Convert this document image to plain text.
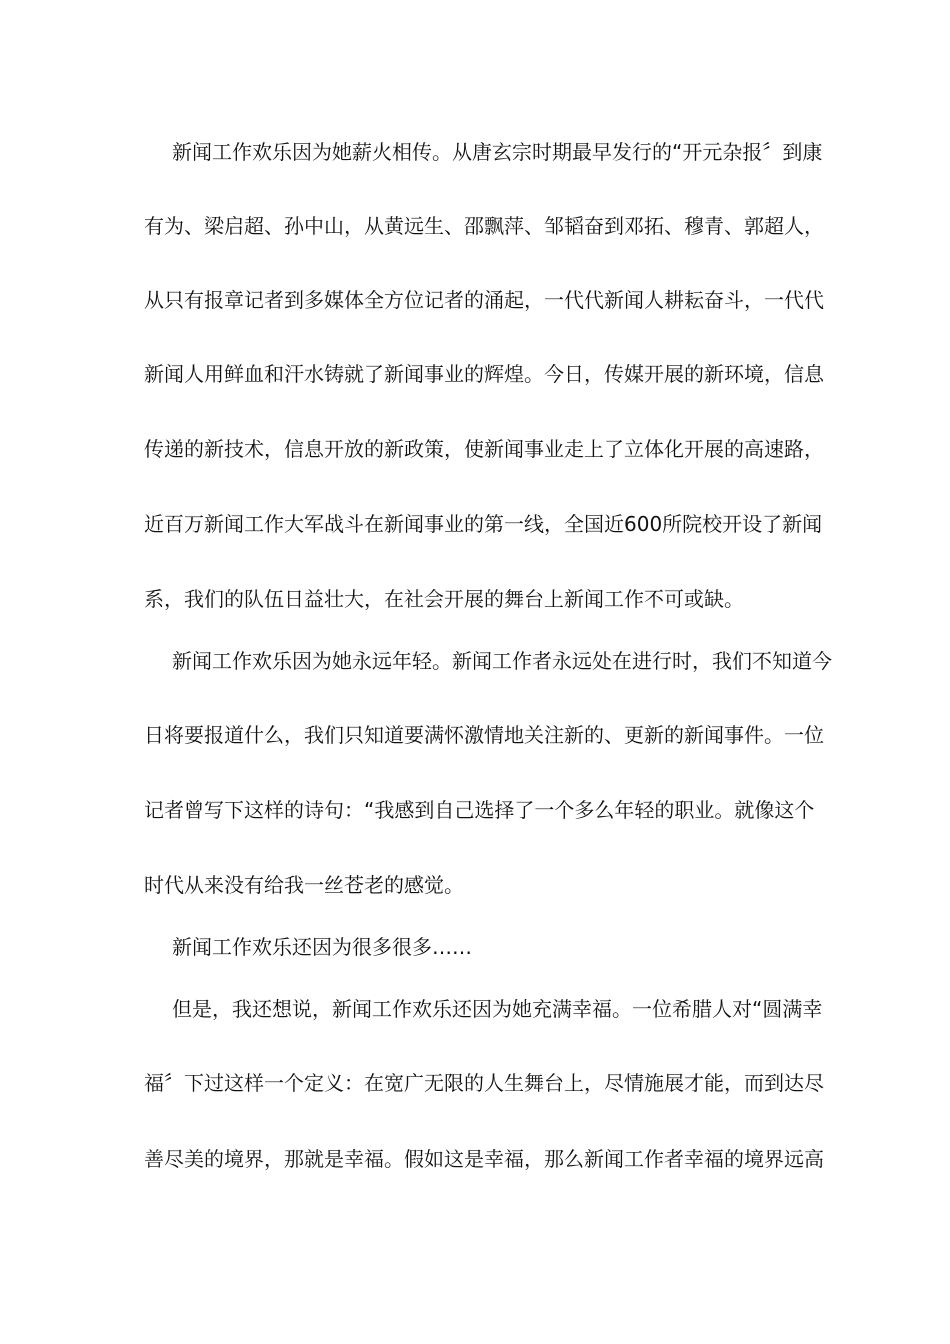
新闻工作欢乐因为她薪火相传。从唐玄宗时期最早发行的“开元杂报〞到康
有为、梁启超、孙中山，从黄远生、邵飘萍、邹韬奋到邓拓、穆青、郭超人，
从只有报章记者到多媒体全方位记者的涌起，一代代新闻人耕耘奋斗，一代代
新闻人用鲜血和汗水铸就了新闻事业的辉煌。今日，传媒开展的新环境，信息
传递的新技术，信息开放的新政策，使新闻事业走上了立体化开展的高速路，
近百万新闻工作大军战斗在新闻事业的第一线，全国近600所院校开设了新闻
系，我们的队伍日益壮大，在社会开展的舞台上新闻工作不可或缺。
新闻工作欢乐因为她永远年轻。新闻工作者永远处在进行时，我们不知道今
日将要报道什么，我们只知道要满怀激情地关注新的、更新的新闻事件。一位
记者曾写下这样的诗句：“我感到自己选择了一个多么年轻的职业。就像这个
时代从来没有给我一丝苍老的感觉。
新闻工作欢乐还因为很多很多……
但是，我还想说，新闻工作欢乐还因为她充满幸福。一位希腊人对“圆满幸
福〞下过这样一个定义：在宽广无限的人生舞台上，尽情施展才能，而到达尽
善尽美的境界，那就是幸福。假如这是幸福，那么新闻工作者幸福的境界远高
